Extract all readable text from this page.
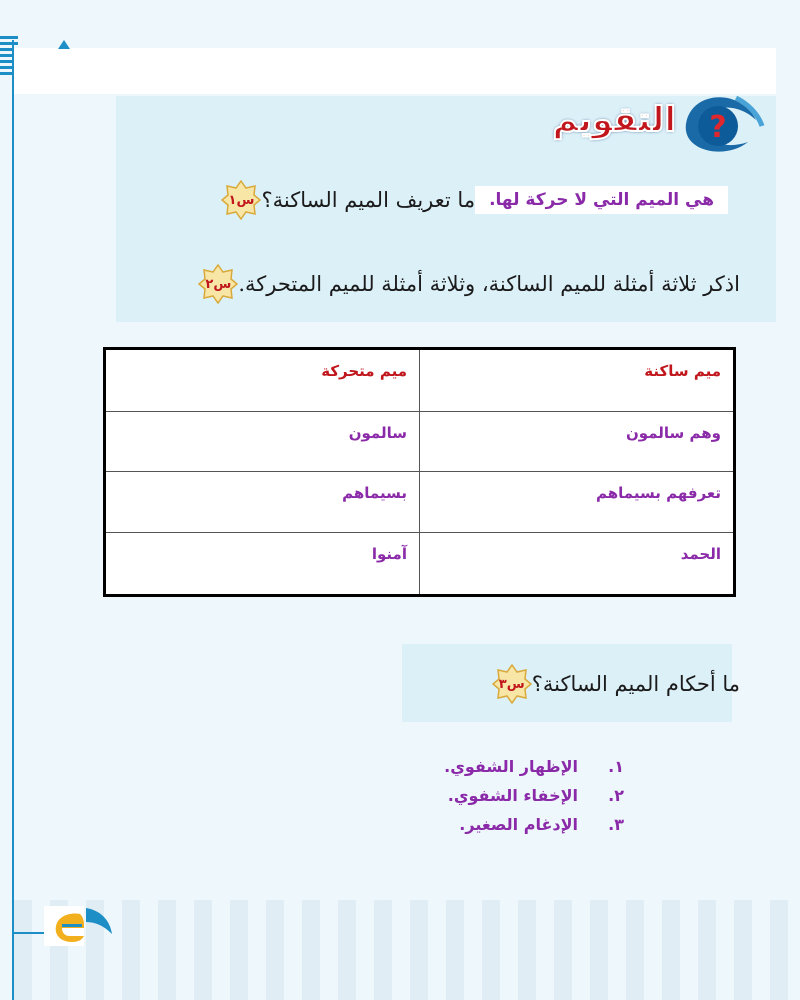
?
التقويم
س١ ما تعريف الميم الساكنة؟ هي الميم التي لا حركة لها.
س٢ اذكر ثلاثة أمثلة للميم الساكنة، وثلاثة أمثلة للميم المتحركة.
ميم ساكنة	ميم متحركة
وهم سالمون	سالمون
تعرفهم بسيماهم	بسيماهم
الحمد	آمنوا
س٣ ما أحكام الميم الساكنة؟
١.الإظهار الشفوي.
٢.الإخفاء الشفوي.
٣.الإدغام الصغير.
